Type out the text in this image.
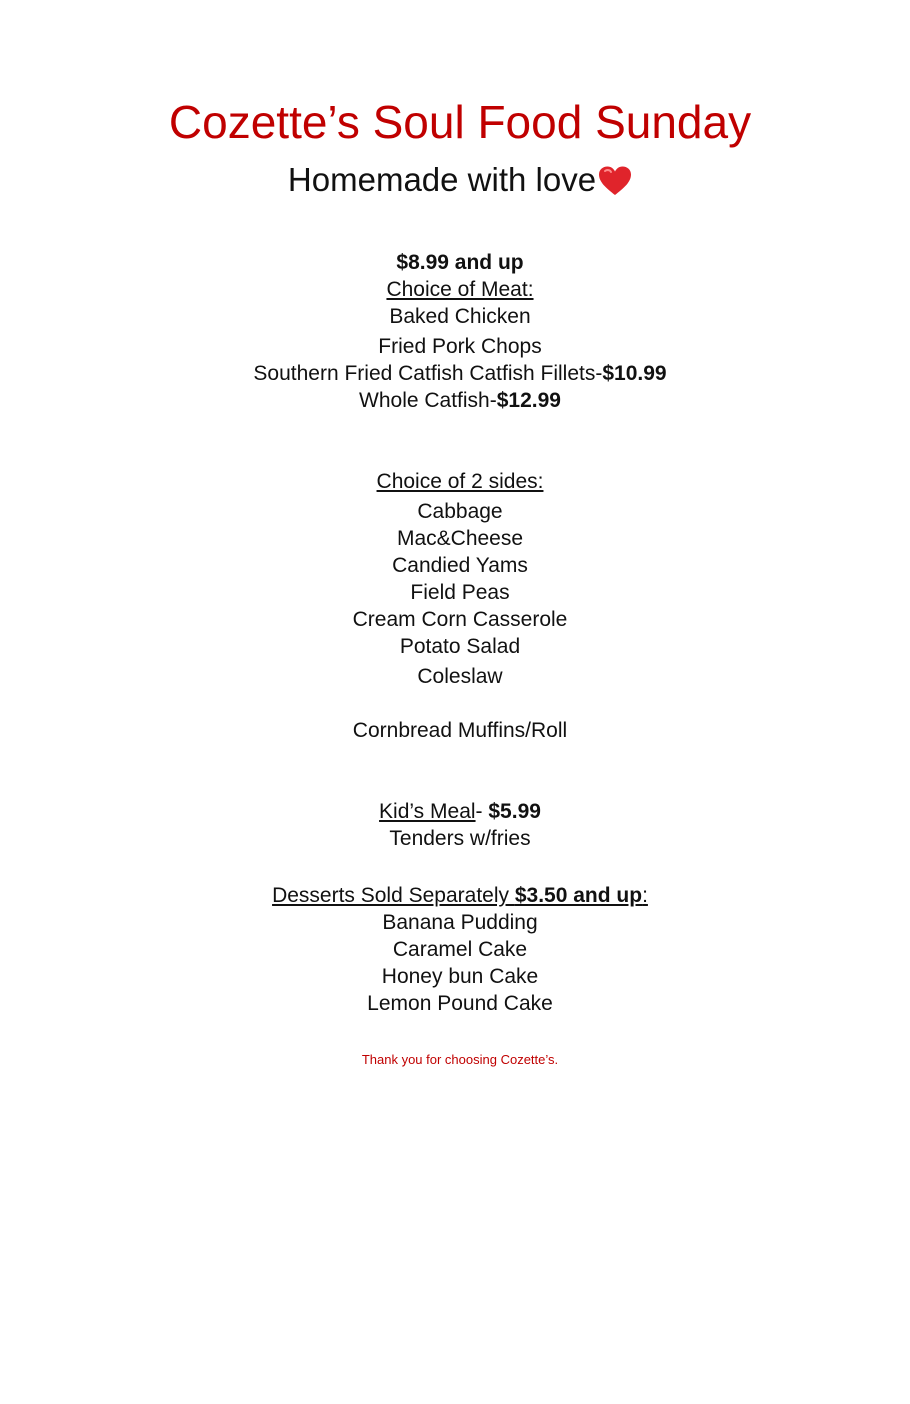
Cozette’s Soul Food Sunday
Homemade with love
$8.99 and up
Choice of Meat:
Baked Chicken
Fried Pork Chops
Southern Fried Catfish Catfish Fillets-$10.99
Whole Catfish-$12.99
Choice of 2 sides:
Cabbage
Mac&Cheese
Candied Yams
Field Peas
Cream Corn Casserole
Potato Salad
Coleslaw
Cornbread Muffins/Roll
Kid’s Meal- $5.99
Tenders w/fries
Desserts Sold Separately $3.50 and up:
Banana Pudding
Caramel Cake
Honey bun Cake
Lemon Pound Cake
Thank you for choosing Cozette’s.
